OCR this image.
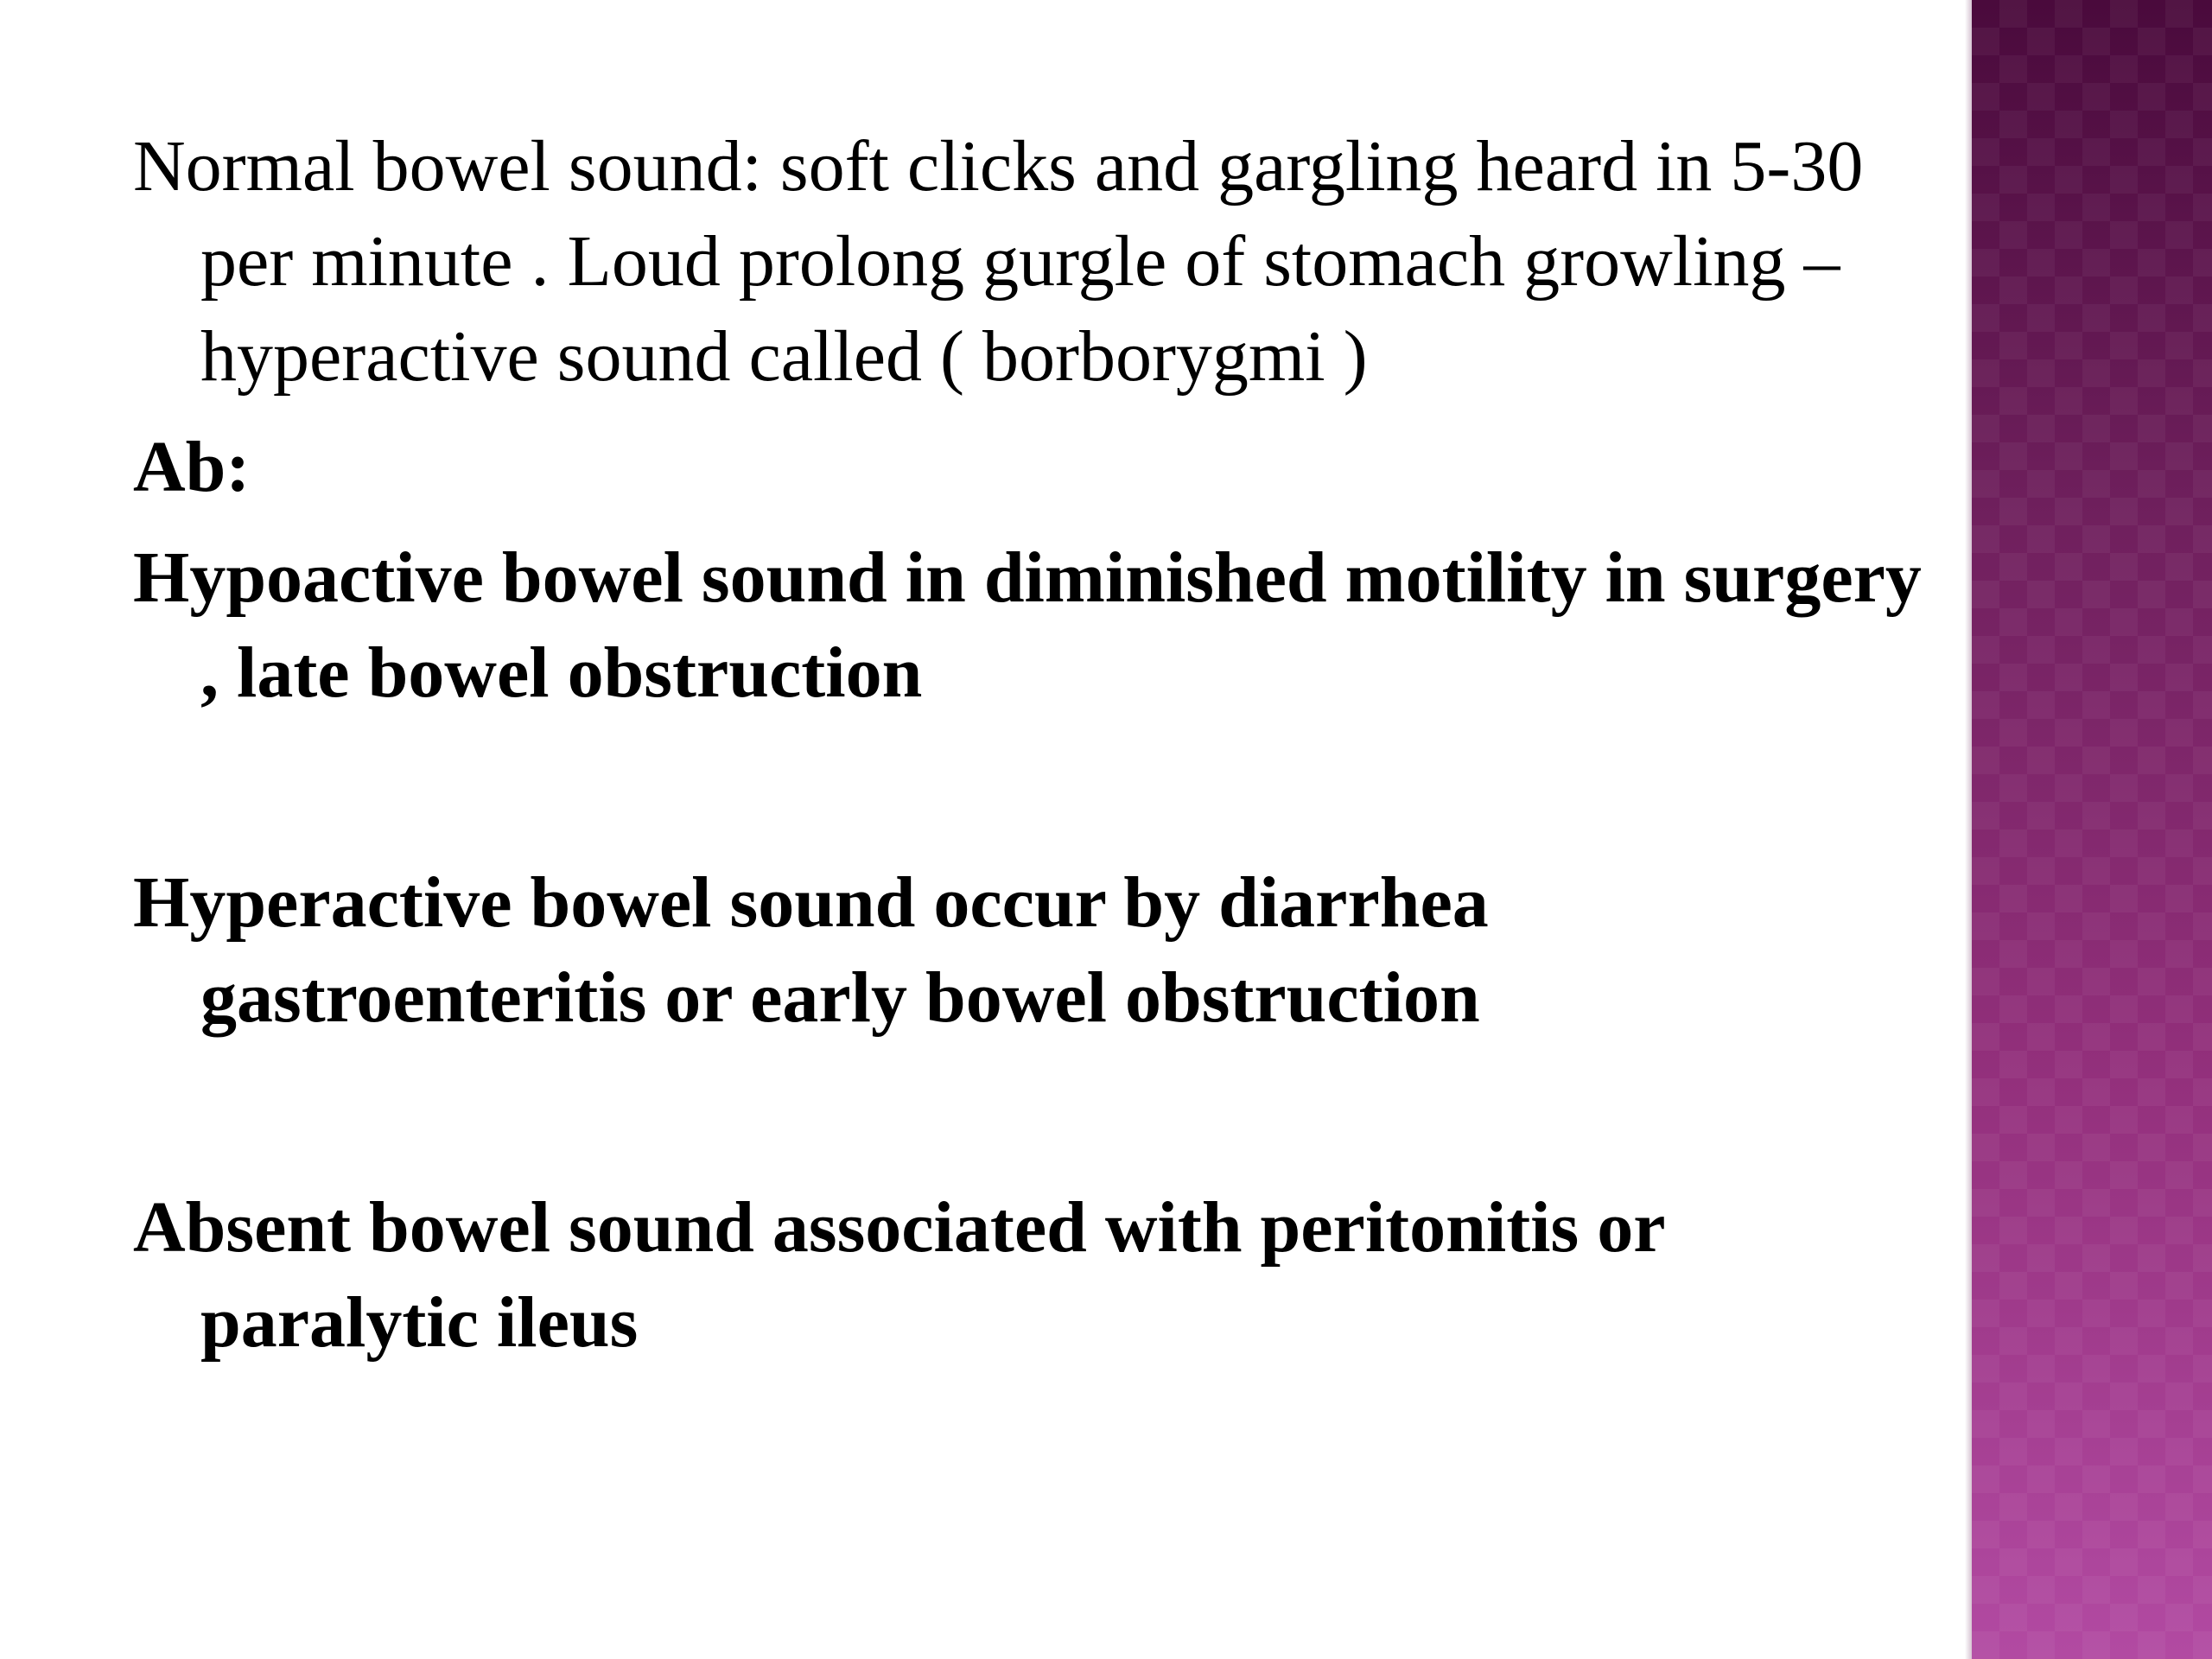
Normal bowel sound: soft clicks and gargling heard in 5-30 per minute . Loud prolong gurgle of stomach growling – hyperactive sound called ( borborygmi )

Ab:

Hypoactive bowel sound in diminished motility in surgery , late bowel obstruction

Hyperactive bowel sound occur by diarrhea gastroenteritis or early bowel obstruction

Absent bowel sound associated with peritonitis or paralytic ileus
